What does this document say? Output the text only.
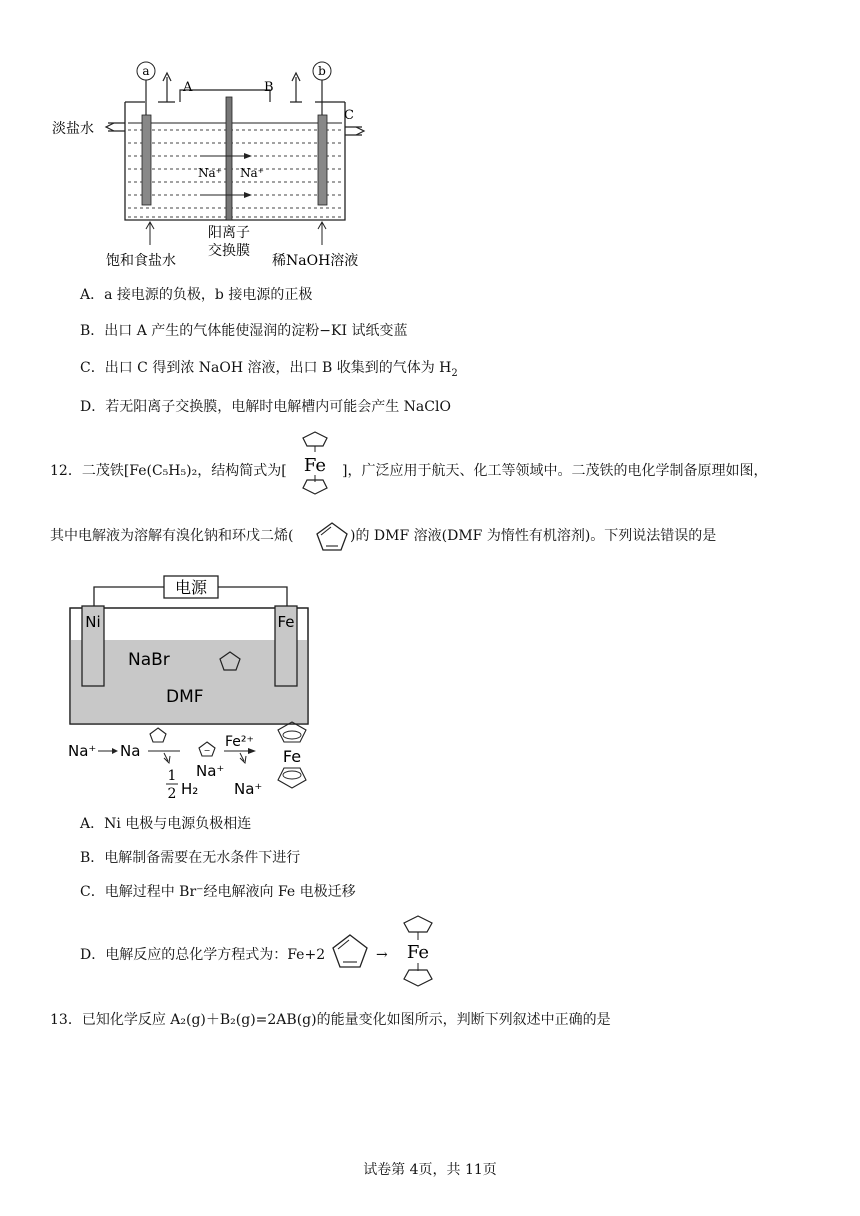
a	b
A	B
C
淡盐水
Na⁺ Na⁺
饱和食盐水
阳离子
交换膜
稀NaOH溶液
A．a 接电源的负极，b 接电源的正极
B．出口 A 产生的气体能使湿润的淀粉−KI 试纸变蓝
C．出口 C 得到浓 NaOH 溶液，出口 B 收集到的气体为 $H_2$
D．若无阳离子交换膜，电解时电解槽内可能会产生 NaClO
12．二茂铁[Fe(C₅H₅)₂，结构简式为[ Fe ]，广泛应用于航天、化工等领域中。二茂铁的电化学制备原理如图，
其中电解液为溶解有溴化钠和环戊二烯(	)的 DMF 溶液(DMF 为惰性有机溶剂)。下列说法错误的是
电源
Ni	Fe
NaBr
DMF
Na⁺ Na
1
2 H₂
−
Na⁺
Fe²⁺
Na⁺
Fe
A．Ni 电极与电源负极相连
B．电解制备需要在无水条件下进行
C．电解过程中 Br⁻经电解液向 Fe 电极迁移
D．电解反应的总化学方程式为：Fe+2	→ Fe
13．已知化学反应 A₂(g)＋B₂(g)=2AB(g)的能量变化如图所示，判断下列叙述中正确的是
试卷第 4页，共 11页
